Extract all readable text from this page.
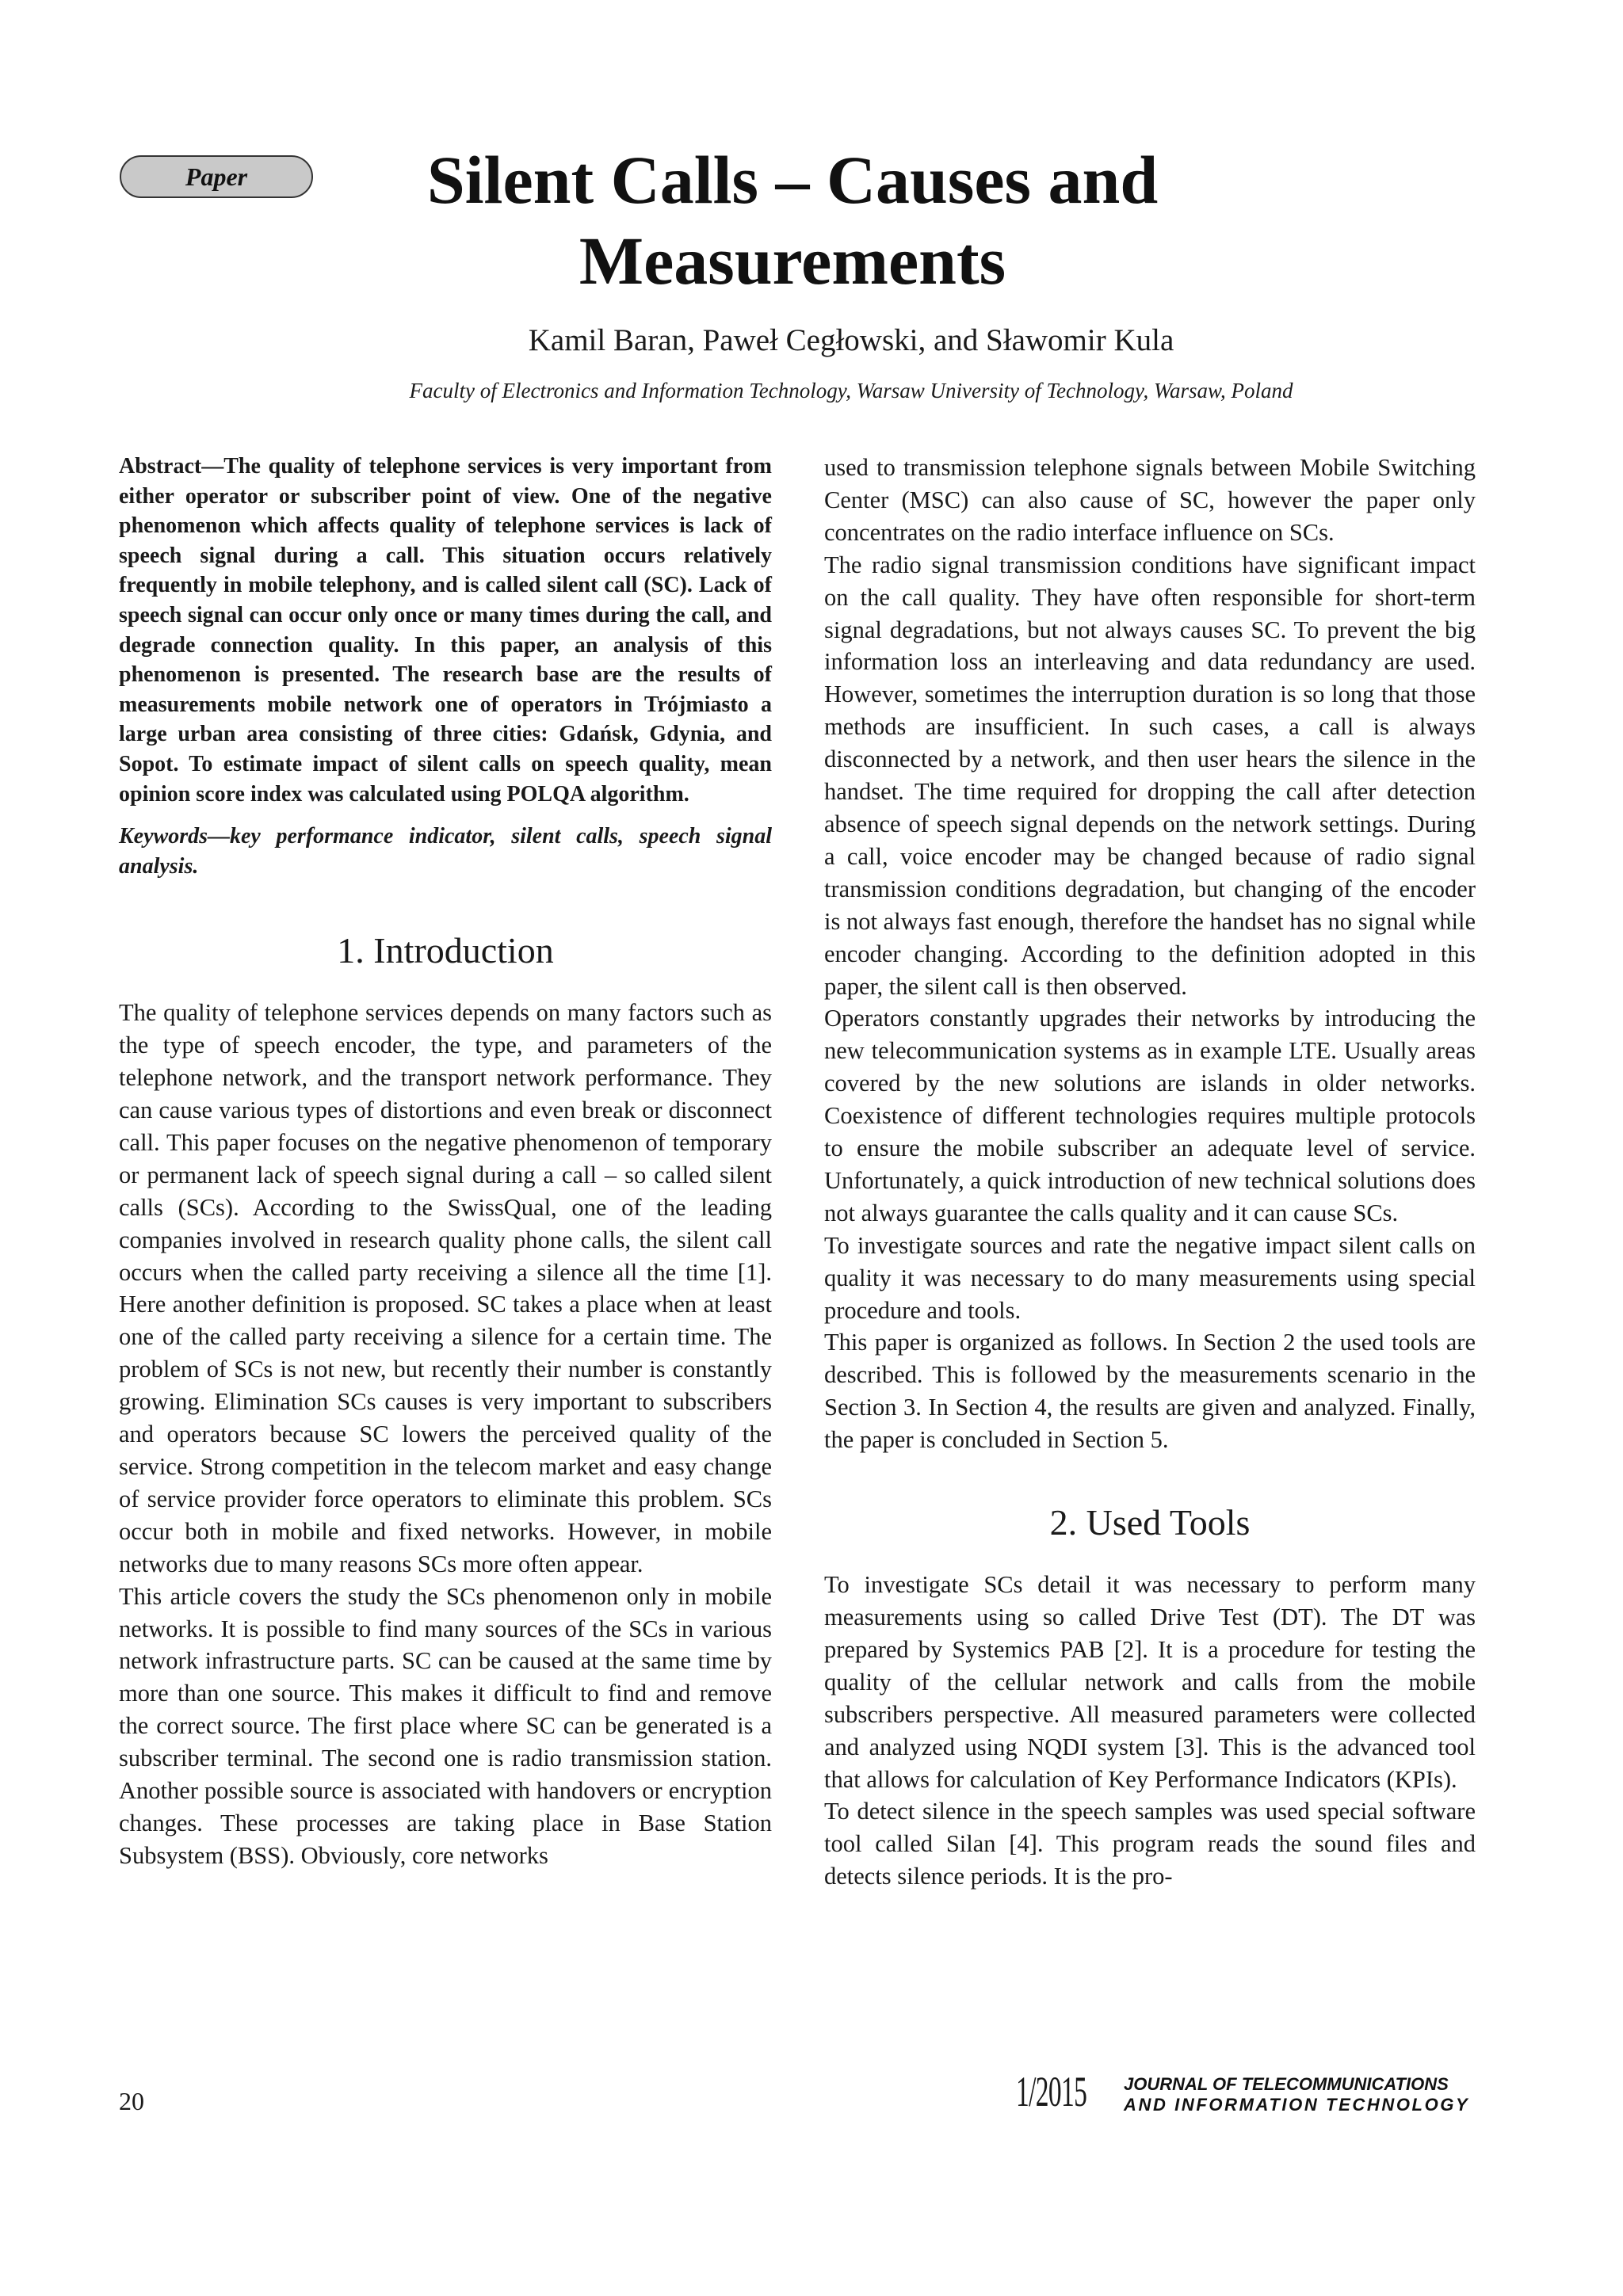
Paper	Silent Calls – Causes and Measurements
Kamil Baran, Paweł Cegłowski, and Sławomir Kula
Faculty of Electronics and Information Technology, Warsaw University of Technology, Warsaw, Poland

Abstract—The quality of telephone services is very important from either operator or subscriber point of view. One of the negative phenomenon which affects quality of telephone services is lack of speech signal during a call. This situation occurs relatively frequently in mobile telephony, and is called silent call (SC). Lack of speech signal can occur only once or many times during the call, and degrade connection quality. In this paper, an analysis of this phenomenon is presented. The research base are the results of measurements mobile network one of operators in Trójmiasto a large urban area consisting of three cities: Gdańsk, Gdynia, and Sopot. To estimate impact of silent calls on speech quality, mean opinion score index was calculated using POLQA algorithm.

Keywords—key performance indicator, silent calls, speech signal analysis.

1. Introduction

The quality of telephone services depends on many factors such as the type of speech encoder, the type, and parameters of the telephone network, and the transport network performance. They can cause various types of distortions and even break or disconnect call. This paper focuses on the negative phenomenon of temporary or permanent lack of speech signal during a call – so called silent calls (SCs). According to the SwissQual, one of the leading companies involved in research quality phone calls, the silent call occurs when the called party receiving a silence all the time [1]. Here another definition is proposed. SC takes a place when at least one of the called party receiving a silence for a certain time. The problem of SCs is not new, but recently their number is constantly growing. Elimination SCs causes is very important to subscribers and operators because SC lowers the perceived quality of the service. Strong competition in the telecom market and easy change of service provider force operators to eliminate this problem. SCs occur both in mobile and fixed networks. However, in mobile networks due to many reasons SCs more often appear.

This article covers the study the SCs phenomenon only in mobile networks. It is possible to find many sources of the SCs in various network infrastructure parts. SC can be caused at the same time by more than one source. This makes it difficult to find and remove the correct source. The first place where SC can be generated is a subscriber terminal. The second one is radio transmission station. Another possible source is associated with handovers or encryption changes. These processes are taking place in Base Station Subsystem (BSS). Obviously, core networks

used to transmission telephone signals between Mobile Switching Center (MSC) can also cause of SC, however the paper only concentrates on the radio interface influence on SCs.

The radio signal transmission conditions have significant impact on the call quality. They have often responsible for short-term signal degradations, but not always causes SC. To prevent the big information loss an interleaving and data redundancy are used. However, sometimes the interruption duration is so long that those methods are insufficient. In such cases, a call is always disconnected by a network, and then user hears the silence in the handset. The time required for dropping the call after detection absence of speech signal depends on the network settings. During a call, voice encoder may be changed because of radio signal transmission conditions degradation, but changing of the encoder is not always fast enough, therefore the handset has no signal while encoder changing. According to the definition adopted in this paper, the silent call is then observed.

Operators constantly upgrades their networks by introducing the new telecommunication systems as in example LTE. Usually areas covered by the new solutions are islands in older networks. Coexistence of different technologies requires multiple protocols to ensure the mobile subscriber an adequate level of service. Unfortunately, a quick introduction of new technical solutions does not always guarantee the calls quality and it can cause SCs.

To investigate sources and rate the negative impact silent calls on quality it was necessary to do many measurements using special procedure and tools.

This paper is organized as follows. In Section 2 the used tools are described. This is followed by the measurements scenario in the Section 3. In Section 4, the results are given and analyzed. Finally, the paper is concluded in Section 5.

2. Used Tools

To investigate SCs detail it was necessary to perform many measurements using so called Drive Test (DT). The DT was prepared by Systemics PAB [2]. It is a procedure for testing the quality of the cellular network and calls from the mobile subscribers perspective. All measured parameters were collected and analyzed using NQDI system [3]. This is the advanced tool that allows for calculation of Key Performance Indicators (KPIs).

To detect silence in the speech samples was used special software tool called Silan [4]. This program reads the sound files and detects silence periods. It is the pro-

20	1/2015 JOURNAL OF TELECOMMUNICATIONS
AND INFORMATION TECHNOLOGY
